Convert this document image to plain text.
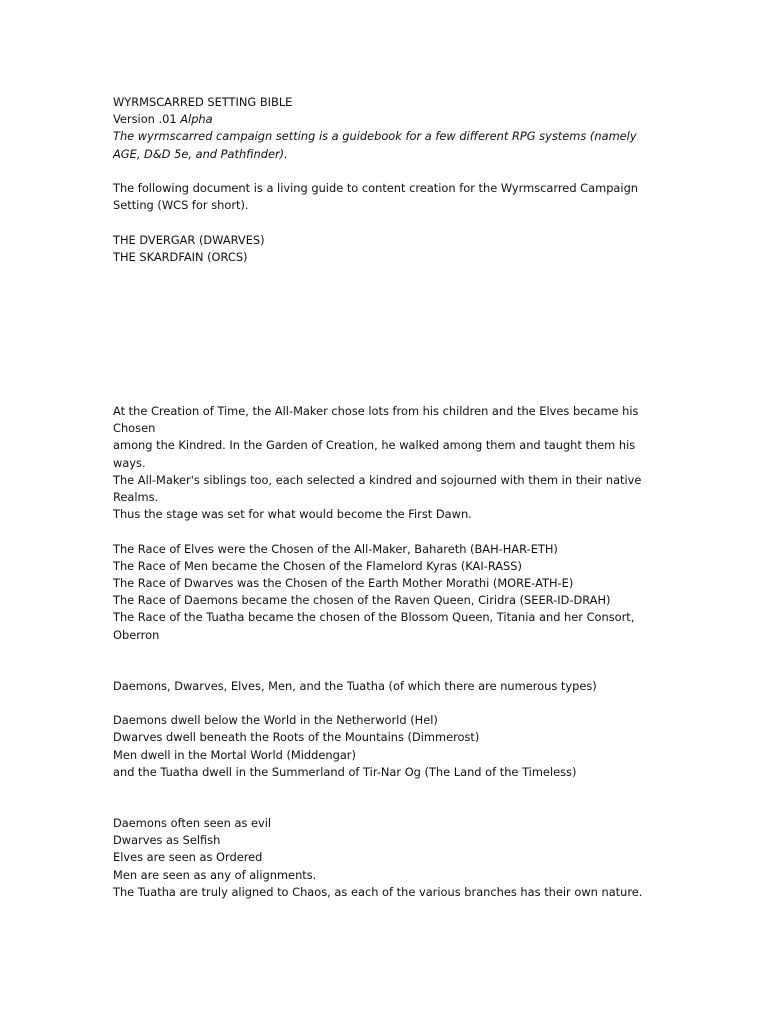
WYRMSCARRED SETTING BIBLE
Version .01 Alpha
The wyrmscarred campaign setting is a guidebook for a few different RPG systems (namely AGE, D&D 5e, and Pathfinder).
The following document is a living guide to content creation for the Wyrmscarred Campaign
Setting (WCS for short).
THE DVERGAR (DWARVES)
THE SKARDFAIN (ORCS)
At the Creation of Time, the All-Maker chose lots from his children and the Elves became his
Chosen
among the Kindred. In the Garden of Creation, he walked among them and taught them his
ways.
The All-Maker's siblings too, each selected a kindred and sojourned with them in their native
Realms.
Thus the stage was set for what would become the First Dawn.
The Race of Elves were the Chosen of the All-Maker, Bahareth (BAH-HAR-ETH)
The Race of Men became the Chosen of the Flamelord Kyras (KAI-RASS)
The Race of Dwarves was the Chosen of the Earth Mother Morathi (MORE-ATH-E)
The Race of Daemons became the chosen of the Raven Queen, Ciridra (SEER-ID-DRAH)
The Race of the Tuatha became the chosen of the Blossom Queen, Titania and her Consort,
Oberron
Daemons, Dwarves, Elves, Men, and the Tuatha (of which there are numerous types)
Daemons dwell below the World in the Netherworld (Hel)
Dwarves dwell beneath the Roots of the Mountains (Dimmerost)
Men dwell in the Mortal World (Middengar)
and the Tuatha dwell in the Summerland of Tir-Nar Og (The Land of the Timeless)
Daemons often seen as evil
Dwarves as Selfish
Elves are seen as Ordered
Men are seen as any of alignments.
The Tuatha are truly aligned to Chaos, as each of the various branches has their own nature.
